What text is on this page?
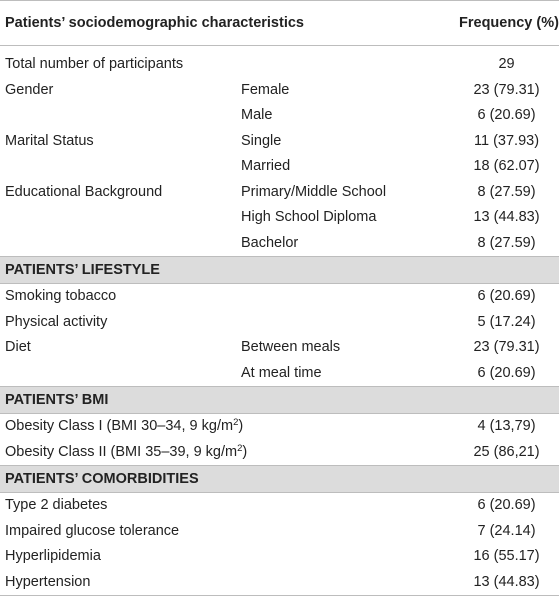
Patients’ sociodemographic characteristics		Frequency (%)
Total number of participants		29
Gender	Female	23 (79.31)
	Male	6 (20.69)
Marital Status	Single	11 (37.93)
	Married	18 (62.07)
Educational Background	Primary/Middle School	8 (27.59)
	High School Diploma	13 (44.83)
	Bachelor	8 (27.59)
PATIENTS’ LIFESTYLE		
Smoking tobacco		6 (20.69)
Physical activity		5 (17.24)
Diet	Between meals	23 (79.31)
	At meal time	6 (20.69)
PATIENTS’ BMI		
Obesity Class I (BMI 30–34, 9 $kg/m^2$)		4 (13,79)
Obesity Class II (BMI 35–39, 9 $kg/m^2$)		25 (86,21)
PATIENTS’ COMORBIDITIES		
Type 2 diabetes		6 (20.69)
Impaired glucose tolerance		7 (24.14)
Hyperlipidemia		16 (55.17)
Hypertension		13 (44.83)
